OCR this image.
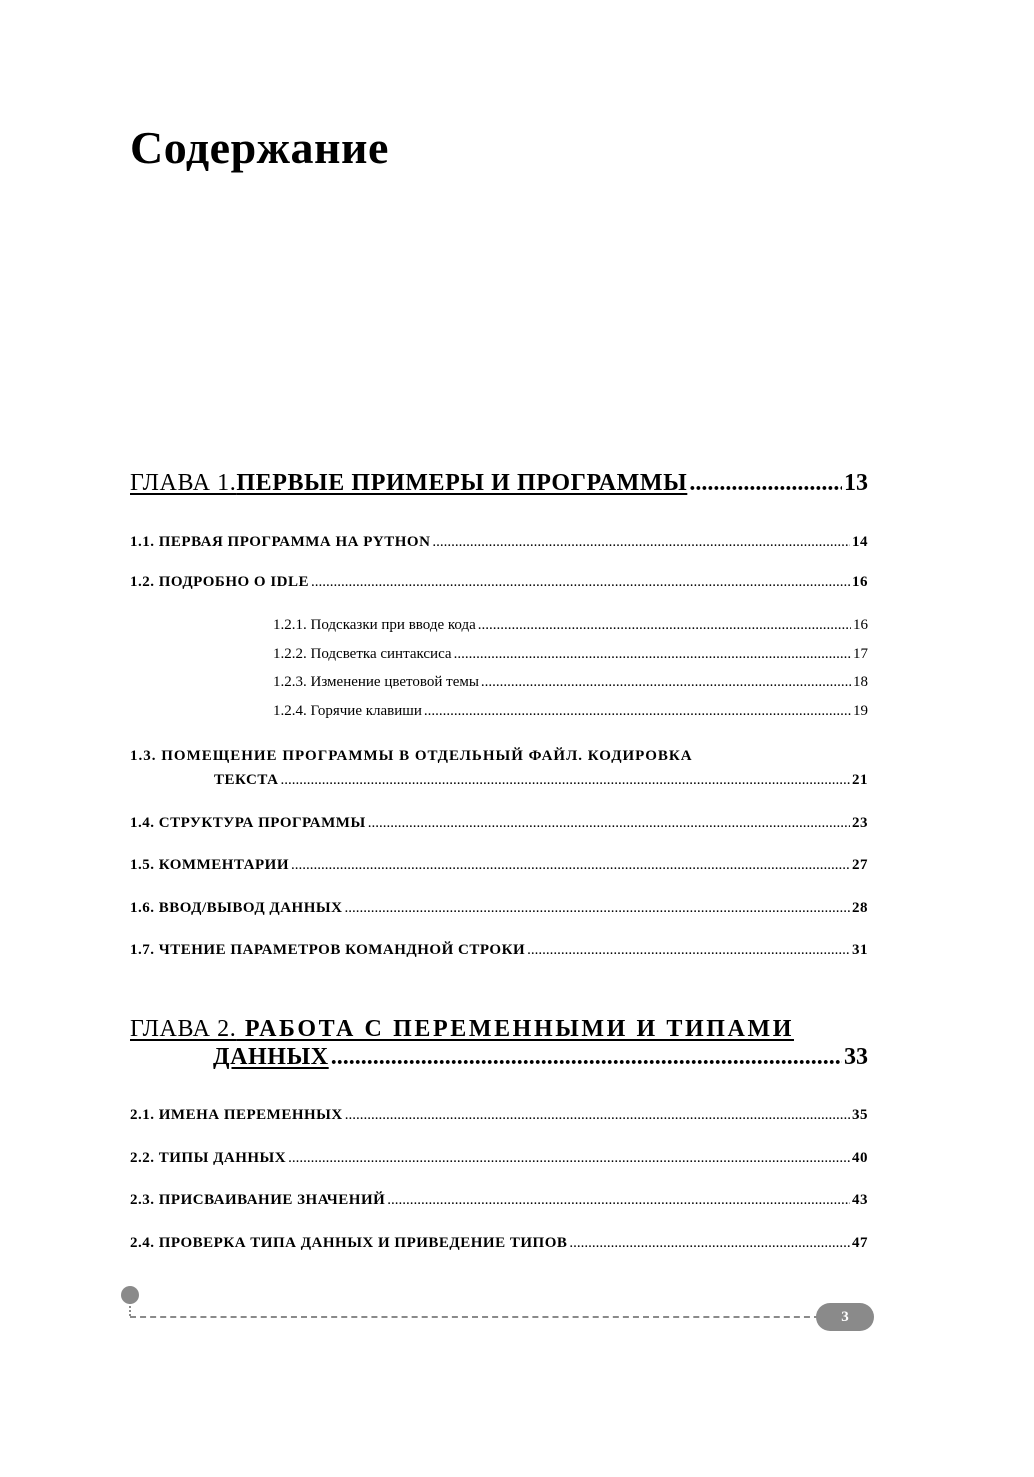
Содержание
ГЛАВА 1. ПЕРВЫЕ ПРИМЕРЫ И ПРОГРАММЫ .....	13
1.1. ПЕРВАЯ ПРОГРАММА НА PYTHON .....	14
1.2. ПОДРОБНО О IDLE .....	16
1.2.1. Подсказки при вводе кода .....	16
1.2.2. Подсветка синтаксиса .....	17
1.2.3. Изменение цветовой темы .....	18
1.2.4. Горячие клавиши .....	19
1.3. ПОМЕЩЕНИЕ ПРОГРАММЫ В ОТДЕЛЬНЫЙ ФАЙЛ. КОДИРОВКА
ТЕКСТА .....	21
1.4. СТРУКТУРА ПРОГРАММЫ .....	23
1.5. КОММЕНТАРИИ .....	27
1.6. ВВОД/ВЫВОД ДАННЫХ .....	28
1.7. ЧТЕНИЕ ПАРАМЕТРОВ КОМАНДНОЙ СТРОКИ .....	31
ГЛАВА 2. РАБОТА С ПЕРЕМЕННЫМИ И ТИПАМИ
ДАННЫХ .....	33
2.1. ИМЕНА ПЕРЕМЕННЫХ .....	35
2.2. ТИПЫ ДАННЫХ .....	40
2.3. ПРИСВАИВАНИЕ ЗНАЧЕНИЙ .....	43
2.4. ПРОВЕРКА ТИПА ДАННЫХ И ПРИВЕДЕНИЕ ТИПОВ .....	47
3
